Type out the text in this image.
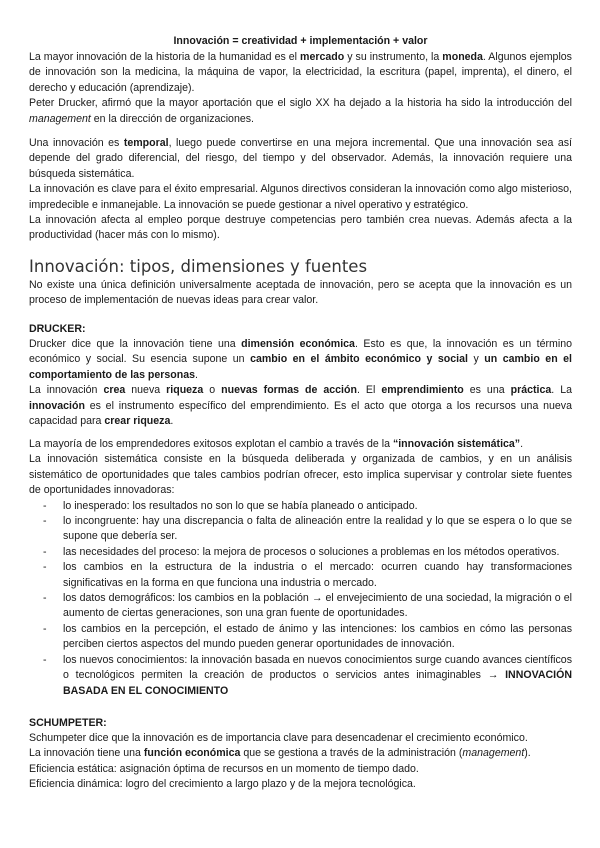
Innovación = creatividad + implementación + valor

La mayor innovación de la historia de la humanidad es el mercado y su instrumento, la moneda. Algunos ejemplos de innovación son la medicina, la máquina de vapor, la electricidad, la escritura (papel, imprenta), el dinero, el derecho y educación (aprendizaje).

Peter Drucker, afirmó que la mayor aportación que el siglo XX ha dejado a la historia ha sido la introducción del management en la dirección de organizaciones.

Una innovación es temporal, luego puede convertirse en una mejora incremental. Que una innovación sea así depende del grado diferencial, del riesgo, del tiempo y del observador. Además, la innovación requiere una búsqueda sistemática.

La innovación es clave para el éxito empresarial. Algunos directivos consideran la innovación como algo misterioso, impredecible e inmanejable. La innovación se puede gestionar a nivel operativo y estratégico.

La innovación afecta al empleo porque destruye competencias pero también crea nuevas. Además afecta a la productividad (hacer más con lo mismo).

Innovación: tipos, dimensiones y fuentes
No existe una única definición universalmente aceptada de innovación, pero se acepta que la innovación es un proceso de implementación de nuevas ideas para crear valor.
DRUCKER:

Drucker dice que la innovación tiene una dimensión económica. Esto es que, la innovación es un término económico y social. Su esencia supone un cambio en el ámbito económico y social y un cambio en el comportamiento de las personas.

La innovación crea nueva riqueza o nuevas formas de acción. El emprendimiento es una práctica. La innovación es el instrumento específico del emprendimiento. Es el acto que otorga a los recursos una nueva capacidad para crear riqueza.

La mayoría de los emprendedores exitosos explotan el cambio a través de la “innovación sistemática”.

La innovación sistemática consiste en la búsqueda deliberada y organizada de cambios, y en un análisis sistemático de oportunidades que tales cambios podrían ofrecer, esto implica supervisar y controlar siete fuentes de oportunidades innovadoras:

- lo inesperado: los resultados no son lo que se había planeado o anticipado.
- lo incongruente: hay una discrepancia o falta de alineación entre la realidad y lo que se espera o lo que se supone que debería ser.
- las necesidades del proceso: la mejora de procesos o soluciones a problemas en los métodos operativos.
- los cambios en la estructura de la industria o el mercado: ocurren cuando hay transformaciones significativas en la forma en que funciona una industria o mercado.
- los datos demográficos: los cambios en la población → el envejecimiento de una sociedad, la migración o el aumento de ciertas generaciones, son una gran fuente de oportunidades.
- los cambios en la percepción, el estado de ánimo y las intenciones: los cambios en cómo las personas perciben ciertos aspectos del mundo pueden generar oportunidades de innovación.
- los nuevos conocimientos: la innovación basada en nuevos conocimientos surge cuando avances científicos o tecnológicos permiten la creación de productos o servicios antes inimaginables → INNOVACIÓN BASADA EN EL CONOCIMIENTO
SCHUMPETER:

Schumpeter dice que la innovación es de importancia clave para desencadenar el crecimiento económico.

La innovación tiene una función económica que se gestiona a través de la administración (management).

Eficiencia estática: asignación óptima de recursos en un momento de tiempo dado.

Eficiencia dinámica: logro del crecimiento a largo plazo y de la mejora tecnológica.
